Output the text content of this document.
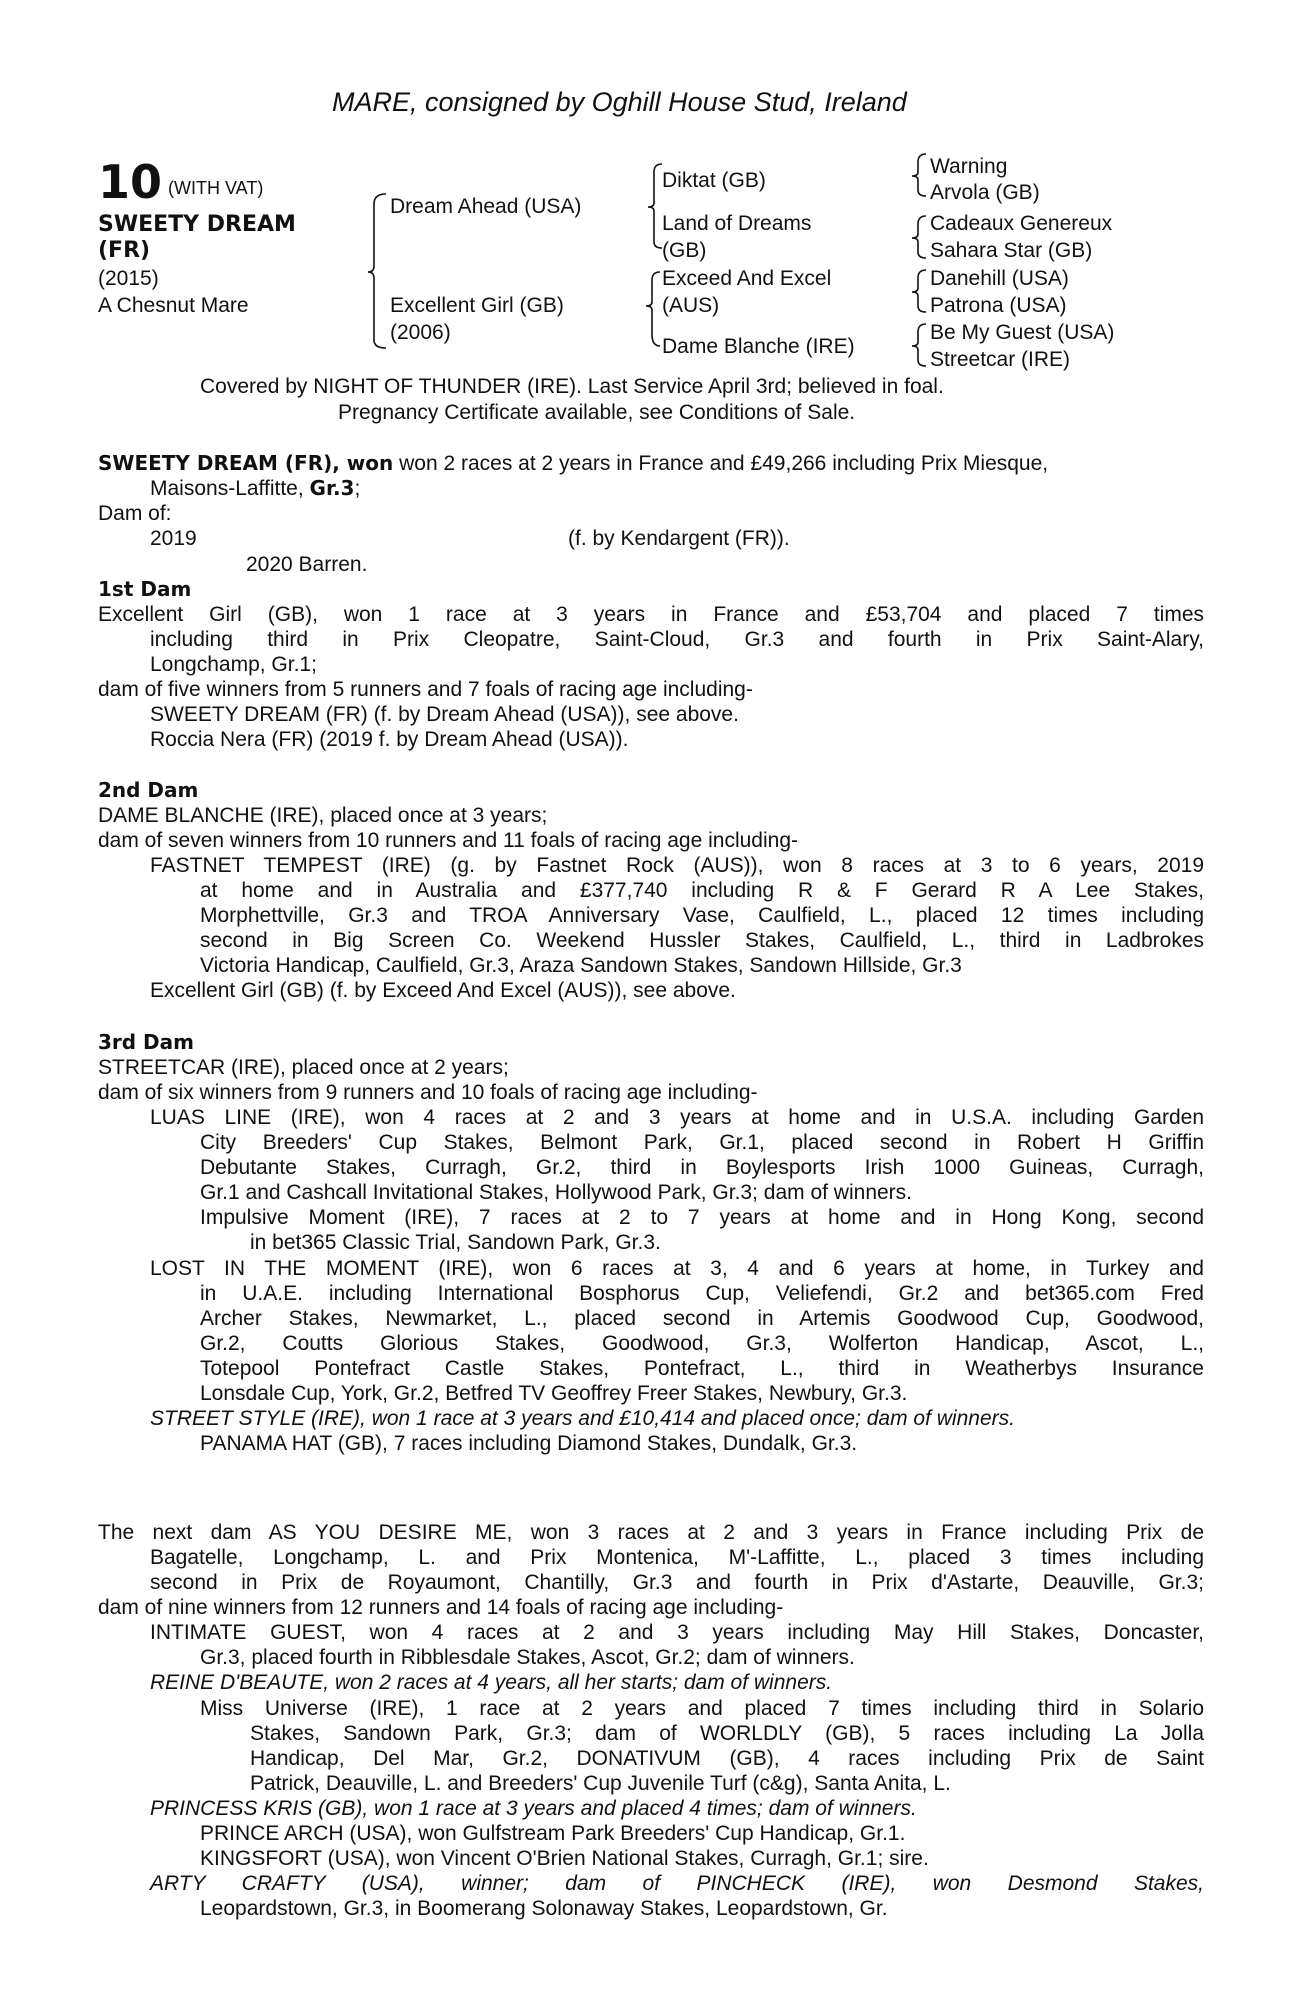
MARE, consigned by Oghill House Stud, Ireland
10 (WITH VAT)
SWEETY DREAM
(FR)
(2015)
A Chesnut Mare
Dream Ahead (USA)
Excellent Girl (GB)
(2006)
Diktat (GB)
Land of Dreams
(GB)
Exceed And Excel
(AUS)
Dame Blanche (IRE)
Warning
Arvola (GB)
Cadeaux Genereux
Sahara Star (GB)
Danehill (USA)
Patrona (USA)
Be My Guest (USA)
Streetcar (IRE)
Covered by NIGHT OF THUNDER (IRE). Last Service April 3rd; believed in foal.
Pregnancy Certificate available, see Conditions of Sale.
SWEETY DREAM (FR), won won 2 races at 2 years in France and £49,266 including Prix Miesque,
Maisons-Laffitte, Gr.3;
Dam of:
2019	(f. by Kendargent (FR)).
2020 Barren.
1st Dam
Excellent Girl (GB), won 1 race at 3 years in France and £53,704 and placed 7 times
including third in Prix Cleopatre, Saint-Cloud, Gr.3 and fourth in Prix Saint-Alary,
Longchamp, Gr.1;
dam of five winners from 5 runners and 7 foals of racing age including-
SWEETY DREAM (FR) (f. by Dream Ahead (USA)), see above.
Roccia Nera (FR) (2019 f. by Dream Ahead (USA)).
2nd Dam
DAME BLANCHE (IRE), placed once at 3 years;
dam of seven winners from 10 runners and 11 foals of racing age including-
FASTNET TEMPEST (IRE) (g. by Fastnet Rock (AUS)), won 8 races at 3 to 6 years, 2019
at home and in Australia and £377,740 including R & F Gerard R A Lee Stakes,
Morphettville, Gr.3 and TROA Anniversary Vase, Caulfield, L., placed 12 times including
second in Big Screen Co. Weekend Hussler Stakes, Caulfield, L., third in Ladbrokes
Victoria Handicap, Caulfield, Gr.3, Araza Sandown Stakes, Sandown Hillside, Gr.3
Excellent Girl (GB) (f. by Exceed And Excel (AUS)), see above.
3rd Dam
STREETCAR (IRE), placed once at 2 years;
dam of six winners from 9 runners and 10 foals of racing age including-
LUAS LINE (IRE), won 4 races at 2 and 3 years at home and in U.S.A. including Garden
City Breeders' Cup Stakes, Belmont Park, Gr.1, placed second in Robert H Griffin
Debutante Stakes, Curragh, Gr.2, third in Boylesports Irish 1000 Guineas, Curragh,
Gr.1 and Cashcall Invitational Stakes, Hollywood Park, Gr.3; dam of winners.
Impulsive Moment (IRE), 7 races at 2 to 7 years at home and in Hong Kong, second
in bet365 Classic Trial, Sandown Park, Gr.3.
LOST IN THE MOMENT (IRE), won 6 races at 3, 4 and 6 years at home, in Turkey and
in U.A.E. including International Bosphorus Cup, Veliefendi, Gr.2 and bet365.com Fred
Archer Stakes, Newmarket, L., placed second in Artemis Goodwood Cup, Goodwood,
Gr.2, Coutts Glorious Stakes, Goodwood, Gr.3, Wolferton Handicap, Ascot, L.,
Totepool Pontefract Castle Stakes, Pontefract, L., third in Weatherbys Insurance
Lonsdale Cup, York, Gr.2, Betfred TV Geoffrey Freer Stakes, Newbury, Gr.3.
STREET STYLE (IRE), won 1 race at 3 years and £10,414 and placed once; dam of winners.
PANAMA HAT (GB), 7 races including Diamond Stakes, Dundalk, Gr.3.
The next dam AS YOU DESIRE ME, won 3 races at 2 and 3 years in France including Prix de
Bagatelle, Longchamp, L. and Prix Montenica, M'-Laffitte, L., placed 3 times including
second in Prix de Royaumont, Chantilly, Gr.3 and fourth in Prix d'Astarte, Deauville, Gr.3;
dam of nine winners from 12 runners and 14 foals of racing age including-
INTIMATE GUEST, won 4 races at 2 and 3 years including May Hill Stakes, Doncaster,
Gr.3, placed fourth in Ribblesdale Stakes, Ascot, Gr.2; dam of winners.
REINE D'BEAUTE, won 2 races at 4 years, all her starts; dam of winners.
Miss Universe (IRE), 1 race at 2 years and placed 7 times including third in Solario
Stakes, Sandown Park, Gr.3; dam of WORLDLY (GB), 5 races including La Jolla
Handicap, Del Mar, Gr.2, DONATIVUM (GB), 4 races including Prix de Saint
Patrick, Deauville, L. and Breeders' Cup Juvenile Turf (c&g), Santa Anita, L.
PRINCESS KRIS (GB), won 1 race at 3 years and placed 4 times; dam of winners.
PRINCE ARCH (USA), won Gulfstream Park Breeders' Cup Handicap, Gr.1.
KINGSFORT (USA), won Vincent O'Brien National Stakes, Curragh, Gr.1; sire.
ARTY CRAFTY (USA), winner; dam of PINCHECK (IRE), won Desmond Stakes,
Leopardstown, Gr.3, in Boomerang Solonaway Stakes, Leopardstown, Gr.
